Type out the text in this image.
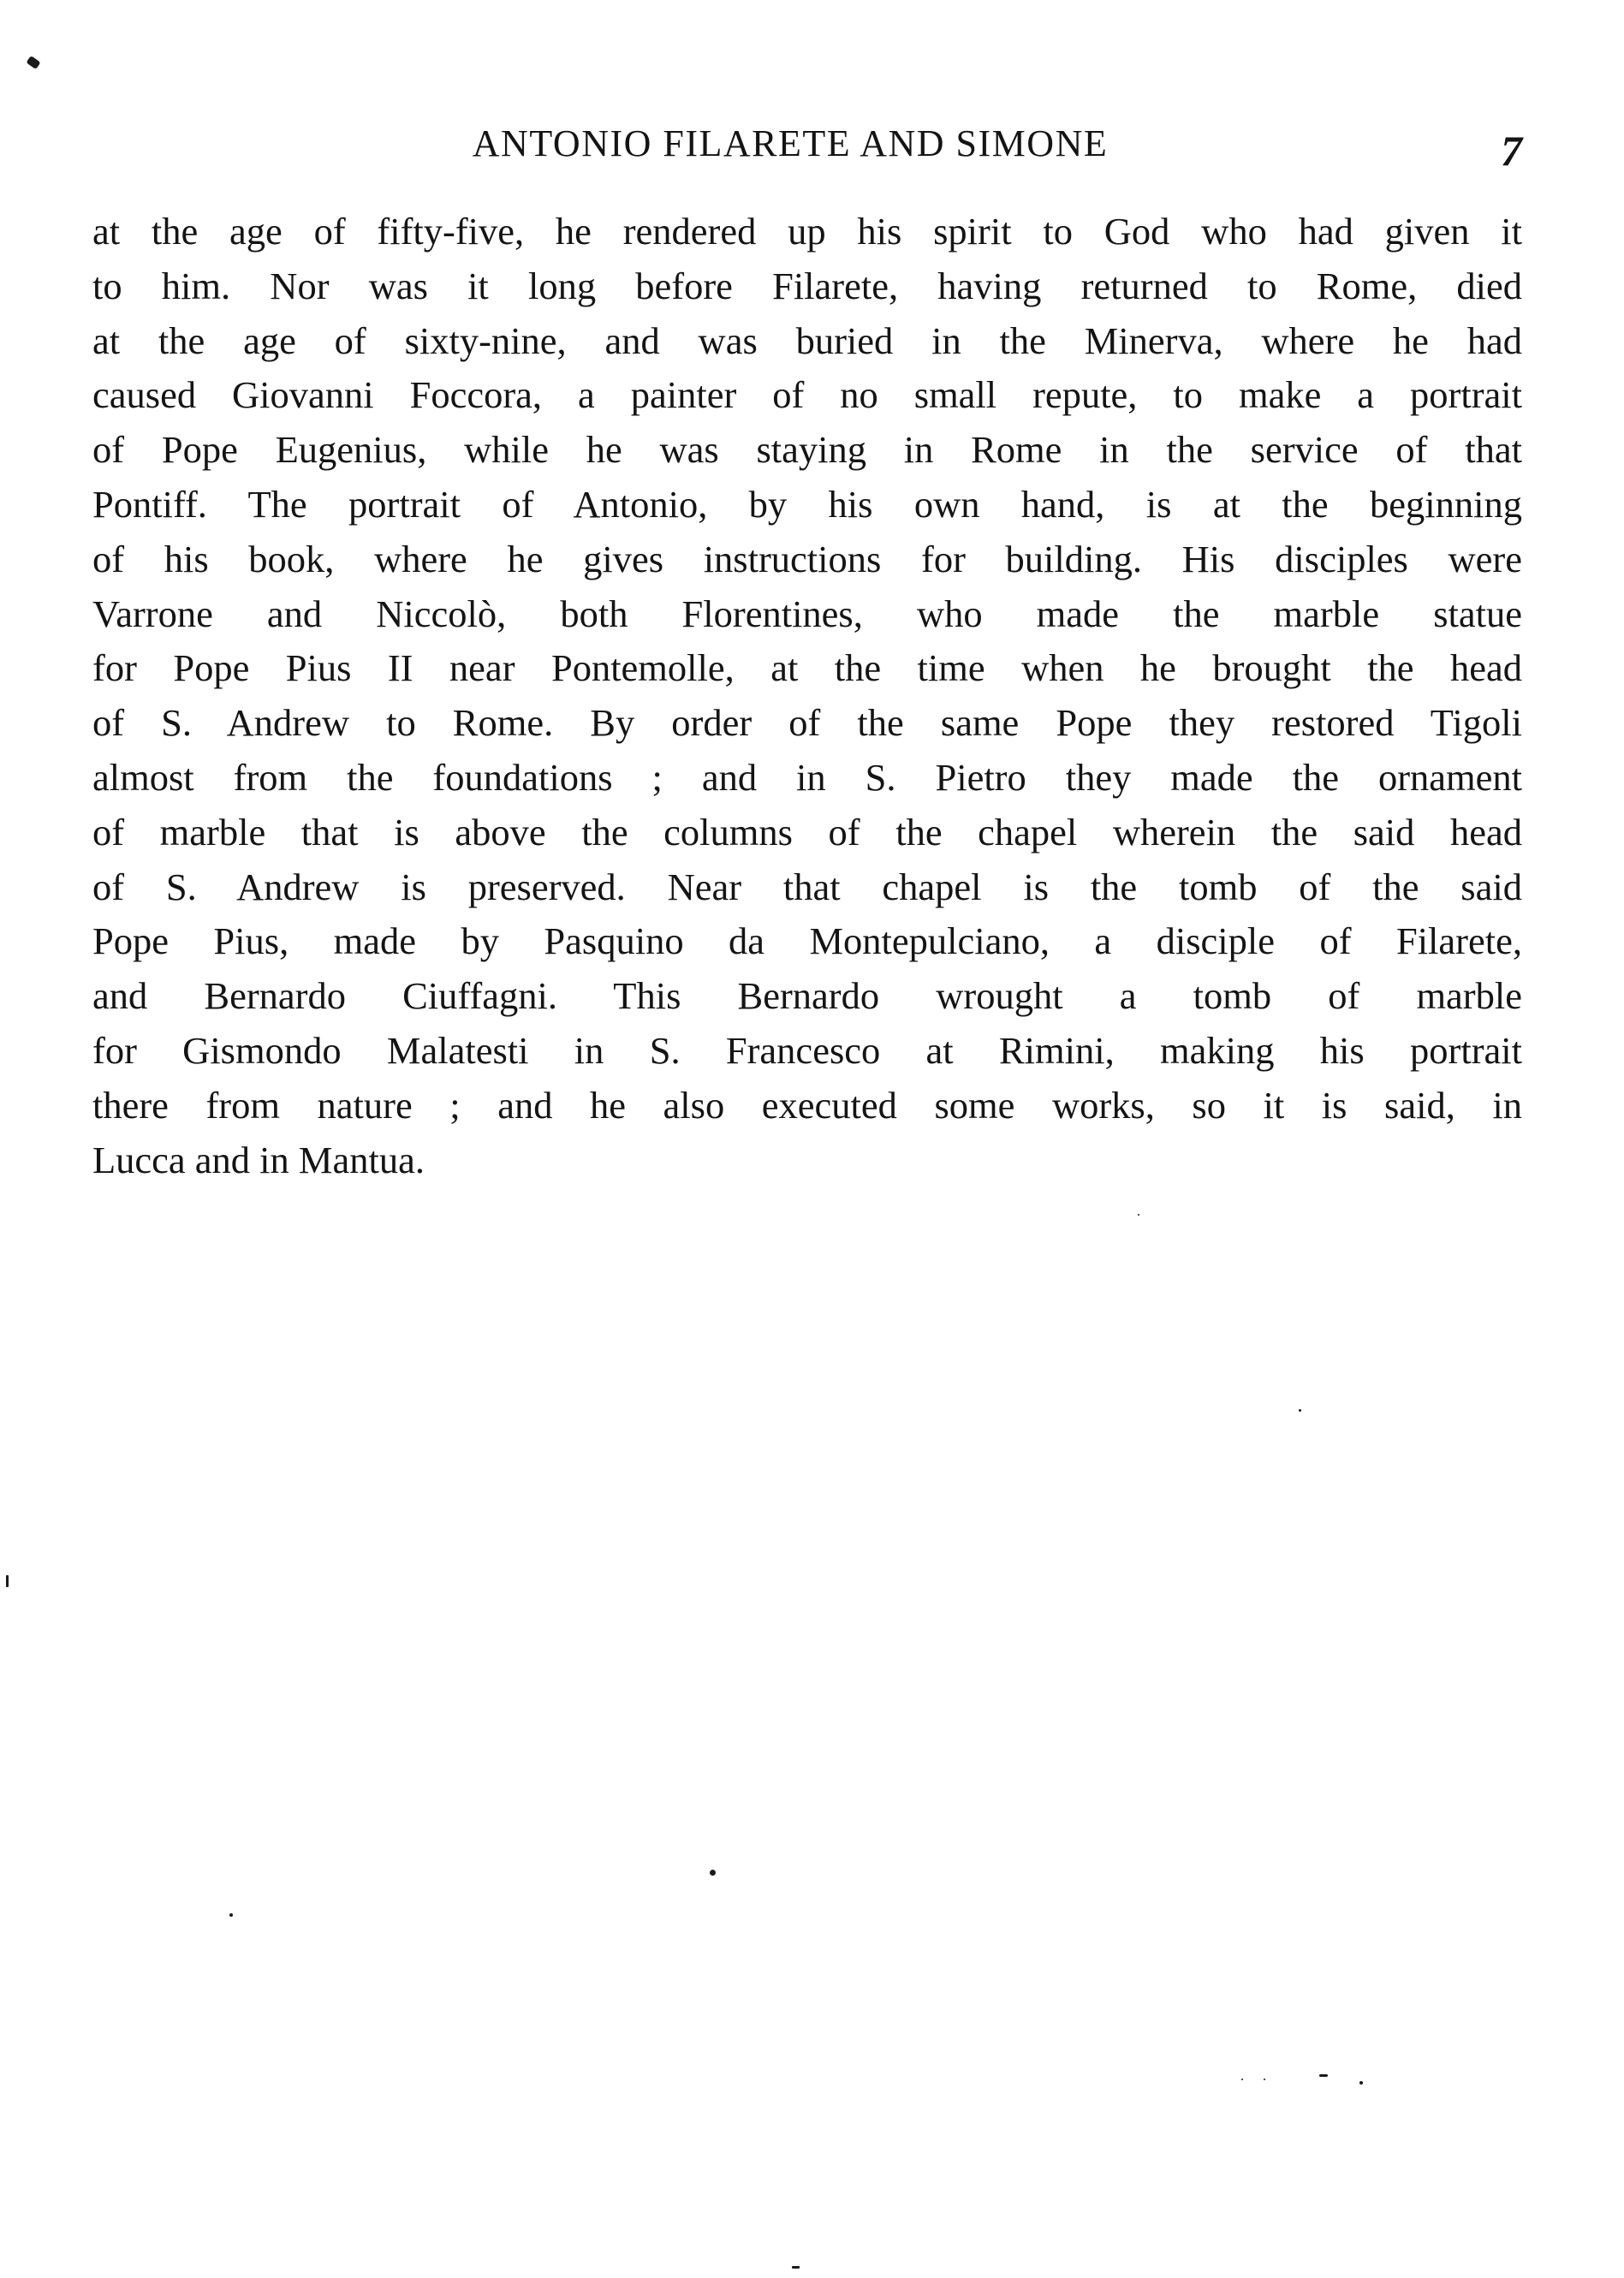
ANTONIO FILARETE AND SIMONE	7
at the age of fifty-five, he rendered up his spirit to God who had given it
to him. Nor was it long before Filarete, having returned to Rome, died
at the age of sixty-nine, and was buried in the Minerva, where he had
caused Giovanni Foccora, a painter of no small repute, to make a portrait
of Pope Eugenius, while he was staying in Rome in the service of that
Pontiff. The portrait of Antonio, by his own hand, is at the beginning
of his book, where he gives instructions for building. His disciples were
Varrone and Niccolò, both Florentines, who made the marble statue
for Pope Pius II near Pontemolle, at the time when he brought the head
of S. Andrew to Rome. By order of the same Pope they restored Tigoli
almost from the foundations ; and in S. Pietro they made the ornament
of marble that is above the columns of the chapel wherein the said head
of S. Andrew is preserved. Near that chapel is the tomb of the said
Pope Pius, made by Pasquino da Montepulciano, a disciple of Filarete,
and Bernardo Ciuffagni. This Bernardo wrought a tomb of marble
for Gismondo Malatesti in S. Francesco at Rimini, making his portrait
there from nature ; and he also executed some works, so it is said, in
Lucca and in Mantua.
